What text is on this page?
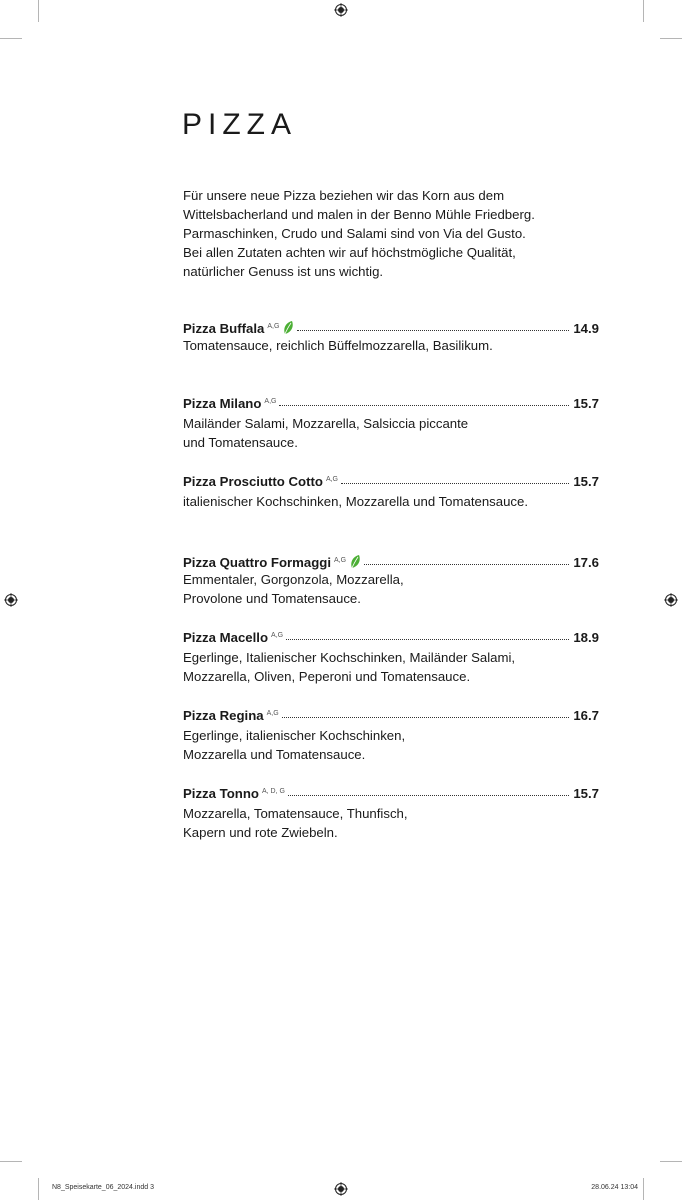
PIZZA
Für unsere neue Pizza beziehen wir das Korn aus dem
Wittelsbacherland und malen in der Benno Mühle Friedberg.
Parmaschinken, Crudo und Salami sind von Via del Gusto.
Bei allen Zutaten achten wir auf höchstmögliche Qualität,
natürlicher Genuss ist uns wichtig.
Pizza Buffala A,G	14.9
Tomatensauce, reichlich Büffelmozzarella, Basilikum.
Pizza Milano A,G	15.7
Mailänder Salami, Mozzarella, Salsiccia piccante
und Tomatensauce.
Pizza Prosciutto Cotto A,G	15.7
italienischer Kochschinken, Mozzarella und Tomatensauce.
Pizza Quattro Formaggi A,G	17.6
Emmentaler, Gorgonzola, Mozzarella,
Provolone und Tomatensauce.
Pizza Macello A,G	18.9
Egerlinge, Italienischer Kochschinken, Mailänder Salami,
Mozzarella, Oliven, Peperoni und Tomatensauce.
Pizza Regina A,G	16.7
Egerlinge, italienischer Kochschinken,
Mozzarella und Tomatensauce.
Pizza Tonno A, D, G	15.7
Mozzarella, Tomatensauce, Thunfisch,
Kapern und rote Zwiebeln.
N8_Speisekarte_06_2024.indd 3	28.06.24 13:04
